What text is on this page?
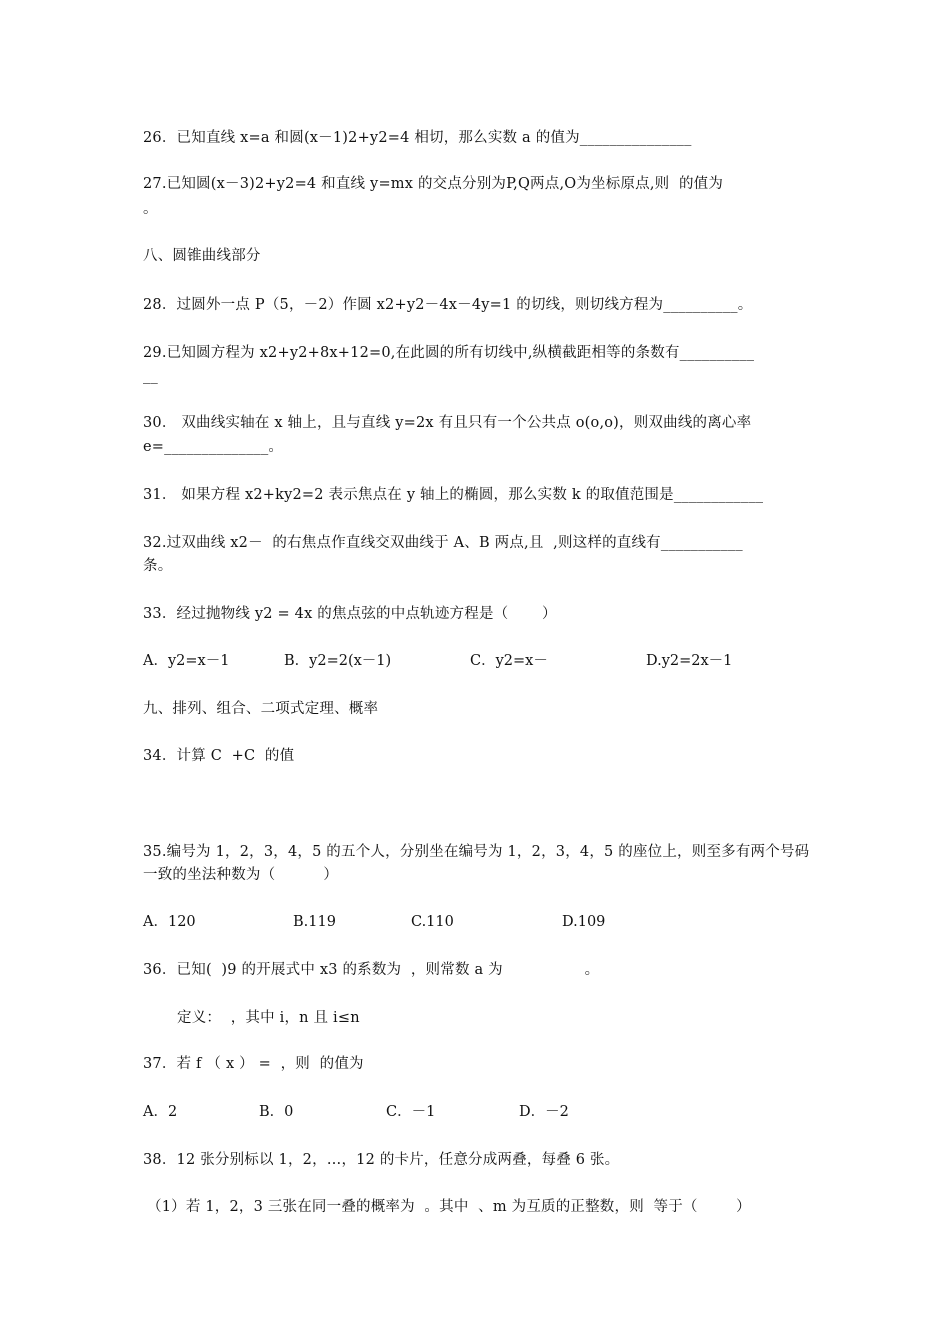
26．已知直线 x=a 和圆(x－1)2+y2=4 相切，那么实数 a 的值为_______________
27.已知圆(x－3)2+y2=4 和直线 y=mx 的交点分别为P,Q两点,O为坐标原点,则  的值为
。
八、圆锥曲线部分
28．过圆外一点 P（5，－2）作圆 x2+y2－4x－4y=1 的切线，则切线方程为__________。
29.已知圆方程为 x2+y2+8x+12=0,在此圆的所有切线中,纵横截距相等的条数有__________
__
30． 双曲线实轴在 x 轴上，且与直线 y=2x 有且只有一个公共点 o(o,o)，则双曲线的离心率
e=______________。
31． 如果方程 x2+ky2=2 表示焦点在 y 轴上的椭圆，那么实数 k 的取值范围是____________
32.过双曲线 x2－  的右焦点作直线交双曲线于 A、B 两点,且  ,则这样的直线有___________
条。
33．经过抛物线 y2 = 4x 的焦点弦的中点轨迹方程是（       ）
A．y2=x－1	B．y2=2(x－1)	C．y2=x－	D.y2=2x－1
九、排列、组合、二项式定理、概率
34．计算 C  +C  的值
35.编号为 1，2，3，4，5 的五个人，分别坐在编号为 1，2，3，4，5 的座位上，则至多有两个号码
一致的坐法种数为（          ）
A．120	B.119	C.110	D.109
36．已知(  )9 的开展式中 x3 的系数为  ，则常数 a 为                 。
定义：  ，其中 i，n 且 i≤n
37．若 f （ x ） =  ，则  的值为
A．2	B．0	C．－1	D．－2
38．12 张分别标以 1，2，…，12 的卡片，任意分成两叠，每叠 6 张。
（1）若 1，2，3 三张在同一叠的概率为  。其中  、m 为互质的正整数，则  等于（        ）
